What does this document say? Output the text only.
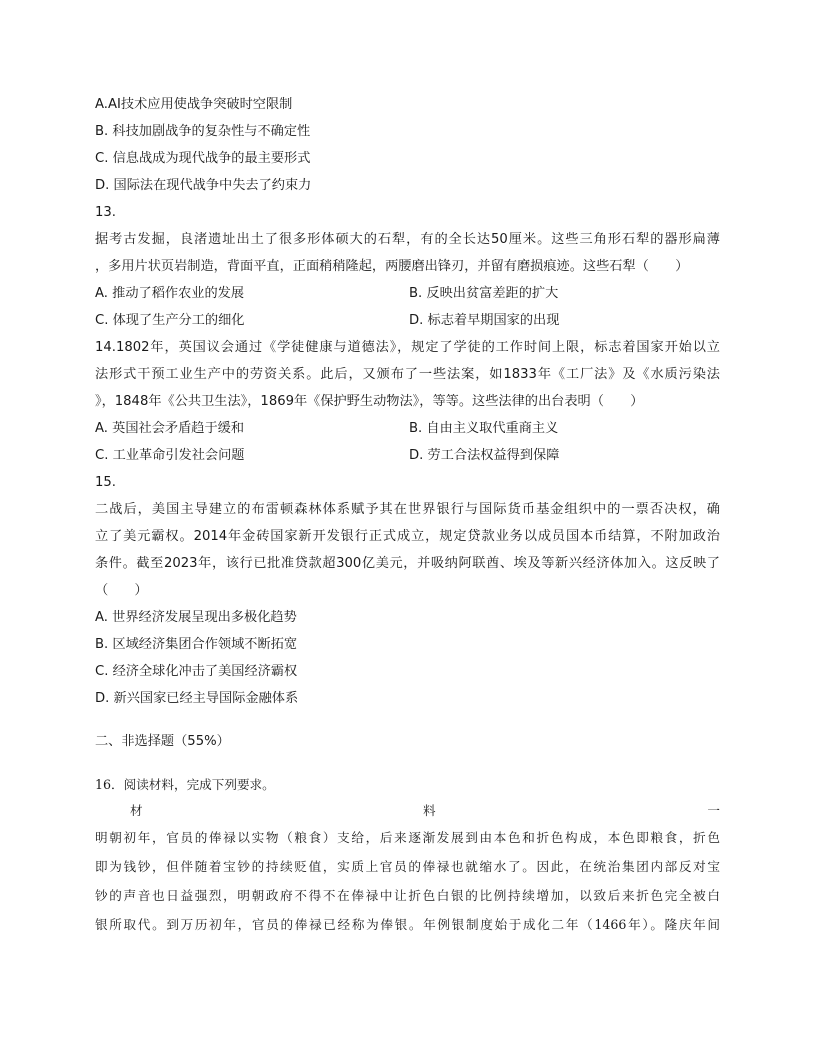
A.AI技术应用使战争突破时空限制
B. 科技加剧战争的复杂性与不确定性
C. 信息战成为现代战争的最主要形式
D. 国际法在现代战争中失去了约束力
13.
据考古发掘，良渚遗址出土了很多形体硕大的石犁，有的全长达50厘米。这些三角形石犁的器形扁薄
，多用片状页岩制造，背面平直，正面稍稍隆起，两腰磨出锋刃，并留有磨损痕迹。这些石犁（　　）
A. 推动了稻作农业的发展	B. 反映出贫富差距的扩大
C. 体现了生产分工的细化	D. 标志着早期国家的出现
14.1802年，英国议会通过《学徒健康与道德法》，规定了学徒的工作时间上限，标志着国家开始以立
法形式干预工业生产中的劳资关系。此后，又颁布了一些法案，如1833年《工厂法》及《水质污染法
》，1848年《公共卫生法》，1869年《保护野生动物法》，等等。这些法律的出台表明（　　）
A. 英国社会矛盾趋于缓和	B. 自由主义取代重商主义
C. 工业革命引发社会问题	D. 劳工合法权益得到保障
15.
二战后，美国主导建立的布雷顿森林体系赋予其在世界银行与国际货币基金组织中的一票否决权，确
立了美元霸权。2014年金砖国家新开发银行正式成立，规定贷款业务以成员国本币结算，不附加政治
条件。截至2023年，该行已批准贷款超300亿美元，并吸纳阿联酋、埃及等新兴经济体加入。这反映了
（　　）
A. 世界经济发展呈现出多极化趋势
B. 区域经济集团合作领域不断拓宽
C. 经济全球化冲击了美国经济霸权
D. 新兴国家已经主导国际金融体系
二、非选择题（55%）
16．阅读材料，完成下列要求。
材	料	一
明朝初年，官员的俸禄以实物（粮食）支给，后来逐渐发展到由本色和折色构成，本色即粮食，折色
即为钱钞，但伴随着宝钞的持续贬值，实质上官员的俸禄也就缩水了。因此，在统治集团内部反对宝
钞的声音也日益强烈，明朝政府不得不在俸禄中让折色白银的比例持续增加，以致后来折色完全被白
银所取代。到万历初年，官员的俸禄已经称为俸银。年例银制度始于成化二年（1466年）。隆庆年间
